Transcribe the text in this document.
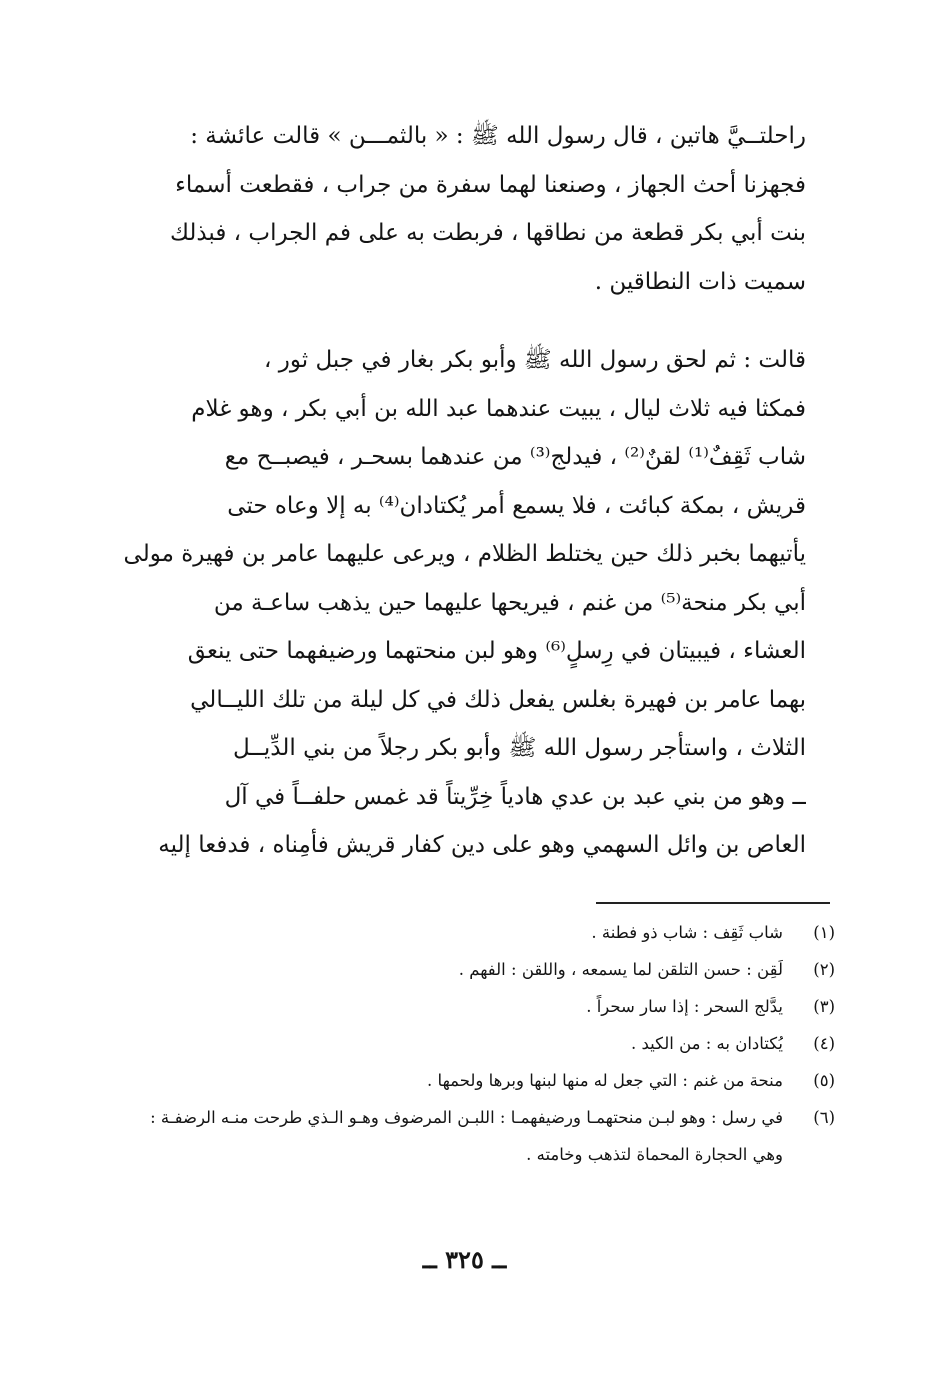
راحلتــيَّ هاتين ، قال رسول الله ﷺ : « بالثمـــن » قالت عائشة :

فجهزنا أحث الجهاز ، وصنعنا لهما سفرة من جراب ، فقطعت أسماء

بنت أبي بكر قطعة من نطاقها ، فربطت به على فم الجراب ، فبذلك

سميت ذات النطاقين .

قالت : ثم لحق رسول الله ﷺ وأبو بكر بغار في جبل ثور ،

فمكثا فيه ثلاث ليال ، يبيت عندهما عبد الله بن أبي بكر ، وهو غلام

شاب ثَقِفٌ⁽¹⁾ لقنٌ⁽²⁾ ، فيدلج⁽³⁾ من عندهما بسحـر ، فيصبــح مع

قريش ، بمكة كبائت ، فلا يسمع أمر يُكتادان⁽⁴⁾ به إلا وعاه حتى

يأتيهما بخبر ذلك حين يختلط الظلام ، ويرعى عليهما عامر بن فهيرة مولى

أبي بكر منحة⁽⁵⁾ من غنم ، فيريحها عليهما حين يذهب ساعـة من

العشاء ، فيبيتان في رِسلٍ⁽⁶⁾ وهو لبن منحتهما ورضيفهما حتى ينعق

بهما عامر بن فهيرة بغلس يفعل ذلك في كل ليلة من تلك الليــالي

الثلاث ، واستأجر رسول الله ﷺ وأبو بكر رجلاً من بني الدِّيــل

ــ وهو من بني عبد بن عدي هادياً خِرِّيتاً قد غمس حلفــاً في آل

العاص بن وائل السهمي وهو على دين كفار قريش فأمِناه ، فدفعا إليه

(١)
شاب ثَقِف : شاب ذو فطنة .
(٢)
لَقِن : حسن التلقن لما يسمعه ، واللقن : الفهم .
(٣)
يدَّلج السحر : إذا سار سحراً .
(٤)
يُكتادان به : من الكيد .
(٥)
منحة من غنم : التي جعل له منها لبنها وبرها ولحمها .
(٦)
في رسل : وهو لبـن منحتهمـا ورضيفهمـا : اللبـن المرضوف وهـو الـذي طرحت منـه الرضفـة :
وهي الحجارة المحماة لتذهب وخامته .
ــ ٣٢٥ ــ
